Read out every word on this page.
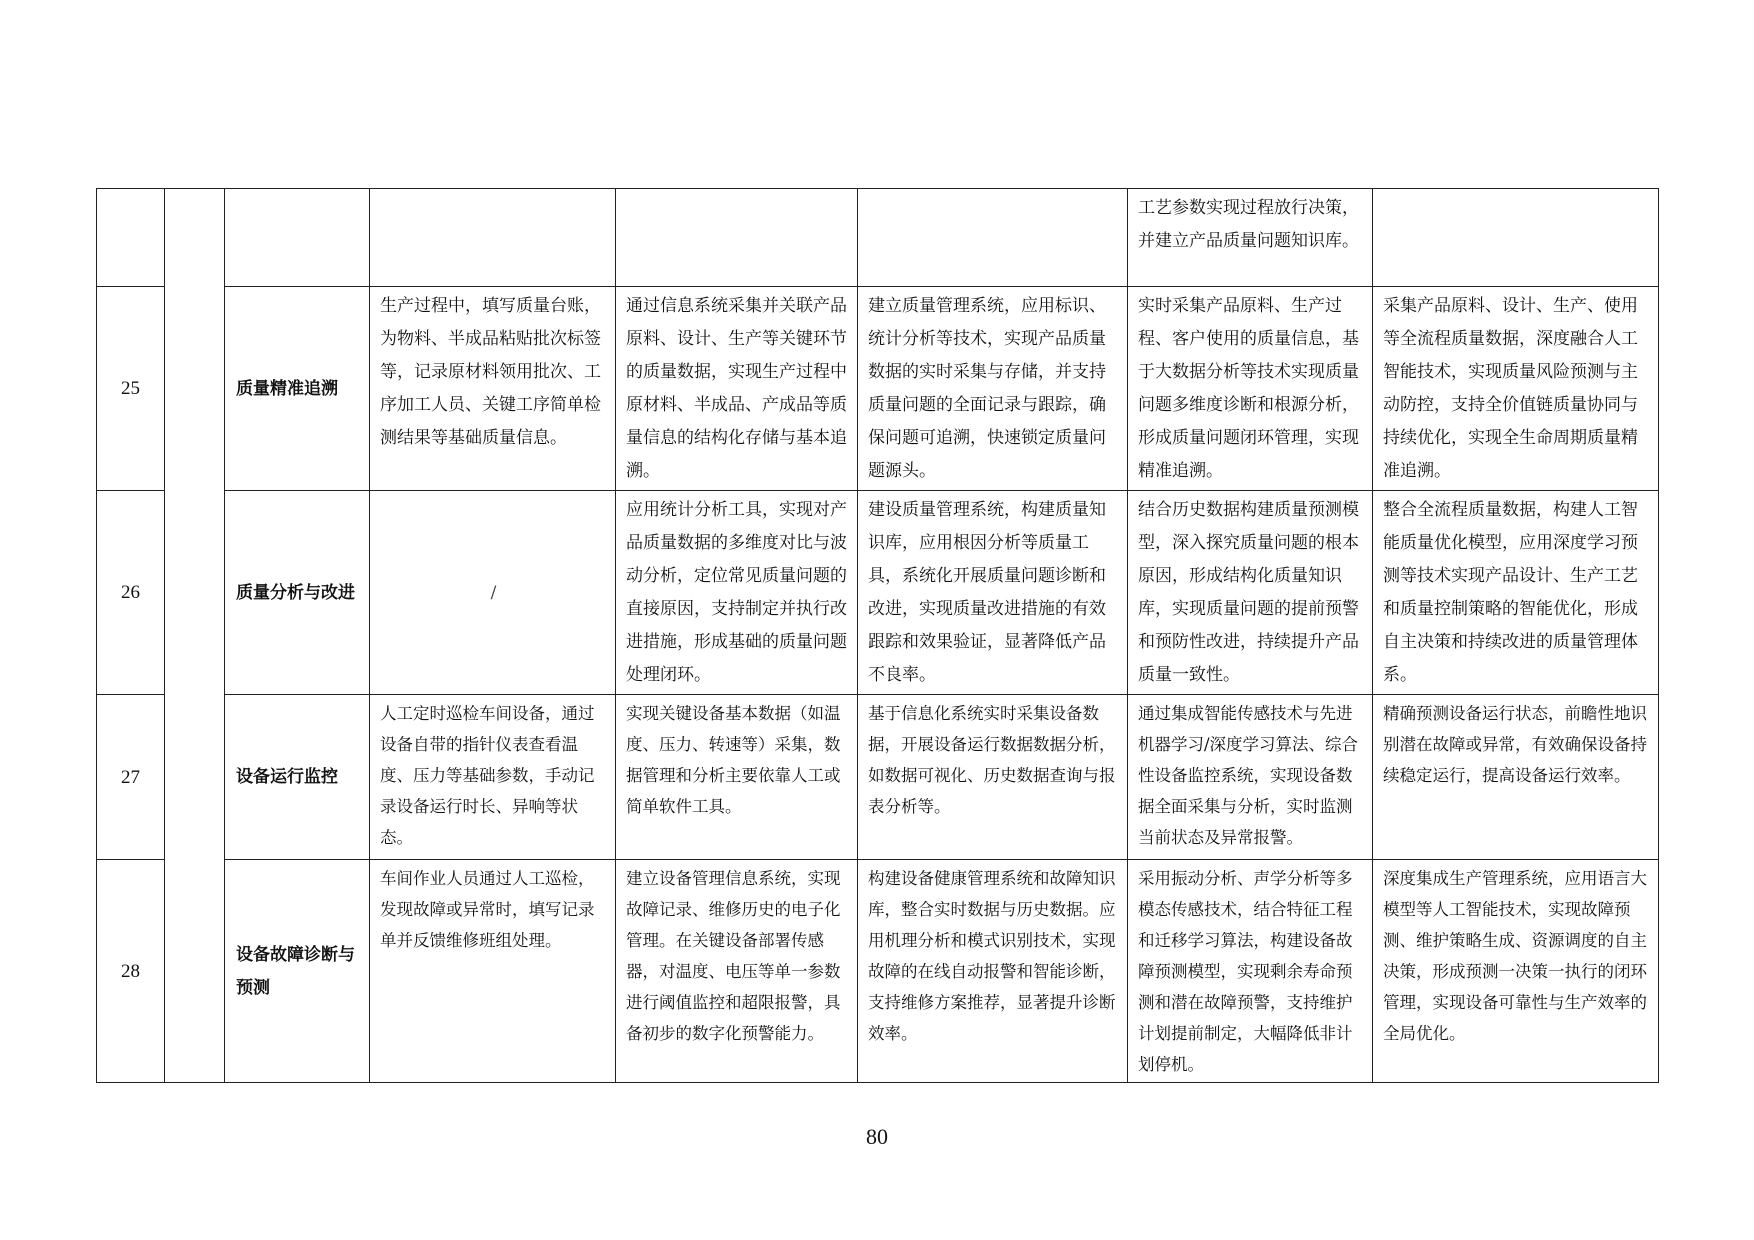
						工艺参数实现过程放行决策，并建立产品质量问题知识库。	
25		质量精准追溯	生产过程中，填写质量台账，为物料、半成品粘贴批次标签等，记录原材料领用批次、工序加工人员、关键工序简单检测结果等基础质量信息。	通过信息系统采集并关联产品原料、设计、生产等关键环节的质量数据，实现生产过程中原材料、半成品、产成品等质量信息的结构化存储与基本追溯。	建立质量管理系统，应用标识、统计分析等技术，实现产品质量数据的实时采集与存储，并支持质量问题的全面记录与跟踪，确保问题可追溯，快速锁定质量问题源头。	实时采集产品原料、生产过程、客户使用的质量信息，基于大数据分析等技术实现质量问题多维度诊断和根源分析，形成质量问题闭环管理，实现精准追溯。	采集产品原料、设计、生产、使用等全流程质量数据，深度融合人工智能技术，实现质量风险预测与主动防控，支持全价值链质量协同与持续优化，实现全生命周期质量精准追溯。
26		质量分析与改进	/	应用统计分析工具，实现对产品质量数据的多维度对比与波动分析，定位常见质量问题的直接原因，支持制定并执行改进措施，形成基础的质量问题处理闭环。	建设质量管理系统，构建质量知识库，应用根因分析等质量工具，系统化开展质量问题诊断和改进，实现质量改进措施的有效跟踪和效果验证，显著降低产品不良率。	结合历史数据构建质量预测模型，深入探究质量问题的根本原因，形成结构化质量知识库，实现质量问题的提前预警和预防性改进，持续提升产品质量一致性。	整合全流程质量数据，构建人工智能质量优化模型，应用深度学习预测等技术实现产品设计、生产工艺和质量控制策略的智能优化，形成自主决策和持续改进的质量管理体系。
27		设备运行监控	人工定时巡检车间设备，通过设备自带的指针仪表查看温度、压力等基础参数，手动记录设备运行时长、异响等状态。	实现关键设备基本数据（如温度、压力、转速等）采集，数据管理和分析主要依靠人工或简单软件工具。	基于信息化系统实时采集设备数据，开展设备运行数据数据分析，如数据可视化、历史数据查询与报表分析等。	通过集成智能传感技术与先进机器学习/深度学习算法、综合性设备监控系统，实现设备数据全面采集与分析，实时监测当前状态及异常报警。	精确预测设备运行状态，前瞻性地识别潜在故障或异常，有效确保设备持续稳定运行，提高设备运行效率。
28		设备故障诊断与预测	车间作业人员通过人工巡检，发现故障或异常时，填写记录单并反馈维修班组处理。	建立设备管理信息系统，实现故障记录、维修历史的电子化管理。在关键设备部署传感器，对温度、电压等单一参数进行阈值监控和超限报警，具备初步的数字化预警能力。	构建设备健康管理系统和故障知识库，整合实时数据与历史数据。应用机理分析和模式识别技术，实现故障的在线自动报警和智能诊断，支持维修方案推荐，显著提升诊断效率。	采用振动分析、声学分析等多模态传感技术，结合特征工程和迁移学习算法，构建设备故障预测模型，实现剩余寿命预测和潜在故障预警，支持维护计划提前制定，大幅降低非计划停机。	深度集成生产管理系统，应用语言大模型等人工智能技术，实现故障预测、维护策略生成、资源调度的自主决策，形成预测一决策一执行的闭环管理，实现设备可靠性与生产效率的全局优化。
80
